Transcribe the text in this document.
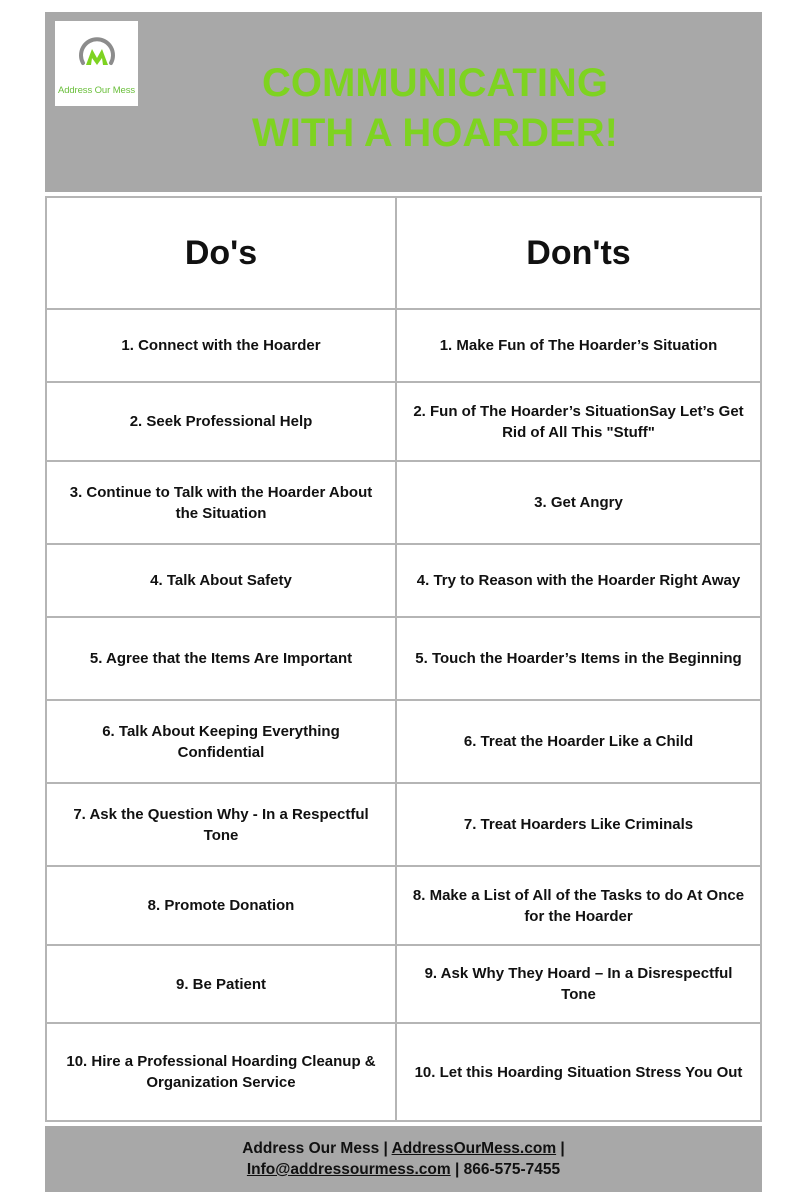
Address Our Mess	COMMUNICATING
WITH A HOARDER!
Do's	Don'ts
1. Connect with the Hoarder	1. Make Fun of The Hoarder’s Situation
2. Seek Professional Help	2. Fun of The Hoarder’s SituationSay Let’s Get Rid of All This "Stuff"
3. Continue to Talk with the Hoarder About the Situation	3. Get Angry
4. Talk About Safety	4. Try to Reason with the Hoarder Right Away
5. Agree that the Items Are Important	5. Touch the Hoarder’s Items in the Beginning
6. Talk About Keeping Everything Confidential	6. Treat the Hoarder Like a Child
7. Ask the Question Why - In a Respectful Tone	7. Treat Hoarders Like Criminals
8. Promote Donation	8. Make a List of All of the Tasks to do At Once for the Hoarder
9. Be Patient	9. Ask Why They Hoard – In a Disrespectful Tone
10. Hire a Professional Hoarding Cleanup &
Organization Service	10. Let this Hoarding Situation Stress You Out
Address Our Mess | AddressOurMess.com |
Info@addressourmess.com | 866-575-7455
